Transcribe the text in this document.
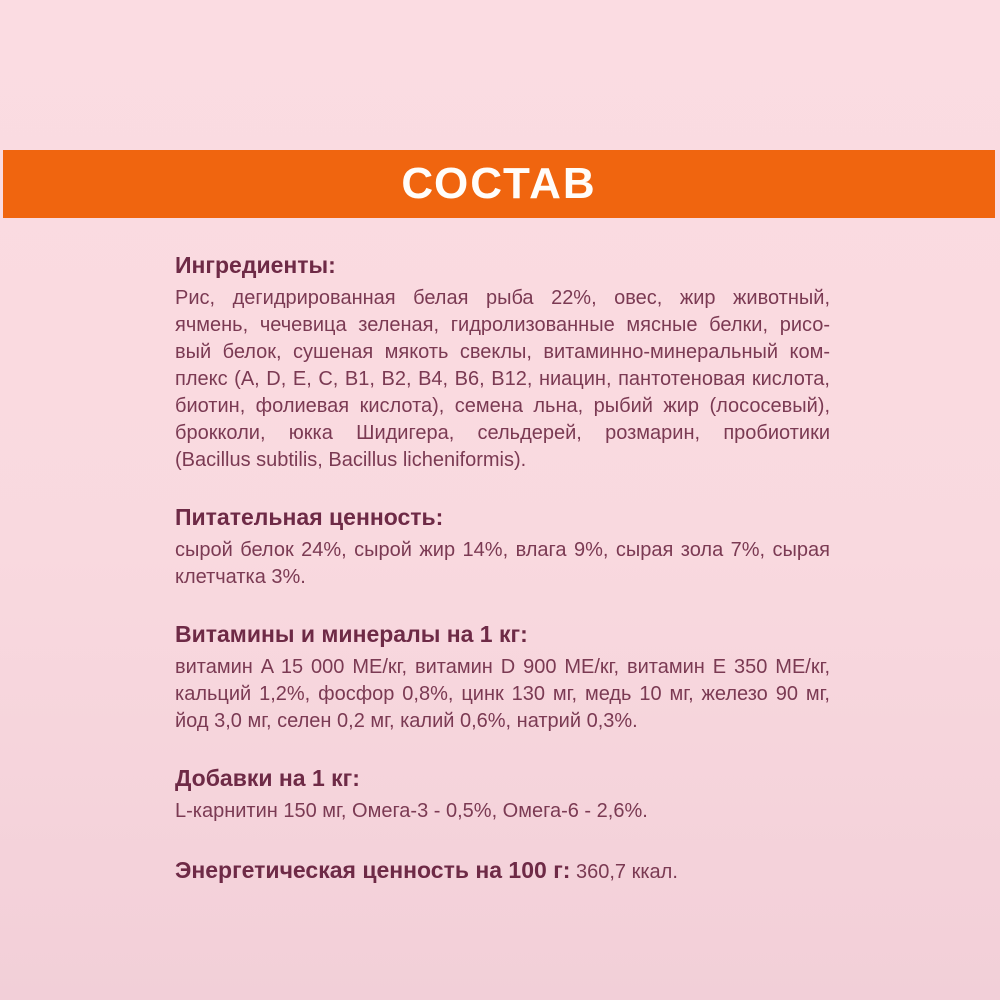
СОСТАВ
Ингредиенты:
Рис, дегидрированная белая рыба 22%, овес, жир животный,
ячмень, чечевица зеленая, гидролизованные мясные белки, рисо-
вый белок, сушеная мякоть свеклы, витаминно-минеральный ком-
плекс (A, D, E, C, B1, B2, B4, B6, B12, ниацин, пантотеновая кислота,
биотин, фолиевая кислота), семена льна, рыбий жир (лососевый),
брокколи, юкка Шидигера, сельдерей, розмарин, пробиотики
(Bacillus subtilis, Bacillus licheniformis).
Питательная ценность:
сырой белок 24%, сырой жир 14%, влага 9%, сырая зола 7%, сырая
клетчатка 3%.
Витамины и минералы на 1 кг:
витамин A 15 000 МЕ/кг, витамин D 900 МЕ/кг, витамин E 350 МЕ/кг,
кальций 1,2%, фосфор 0,8%, цинк 130 мг, медь 10 мг, железо 90 мг,
йод 3,0 мг, селен 0,2 мг, калий 0,6%, натрий 0,3%.
Добавки на 1 кг:
L-карнитин 150 мг, Омега-3 - 0,5%, Омега-6 - 2,6%.
Энергетическая ценность на 100 г: 360,7 ккал.
